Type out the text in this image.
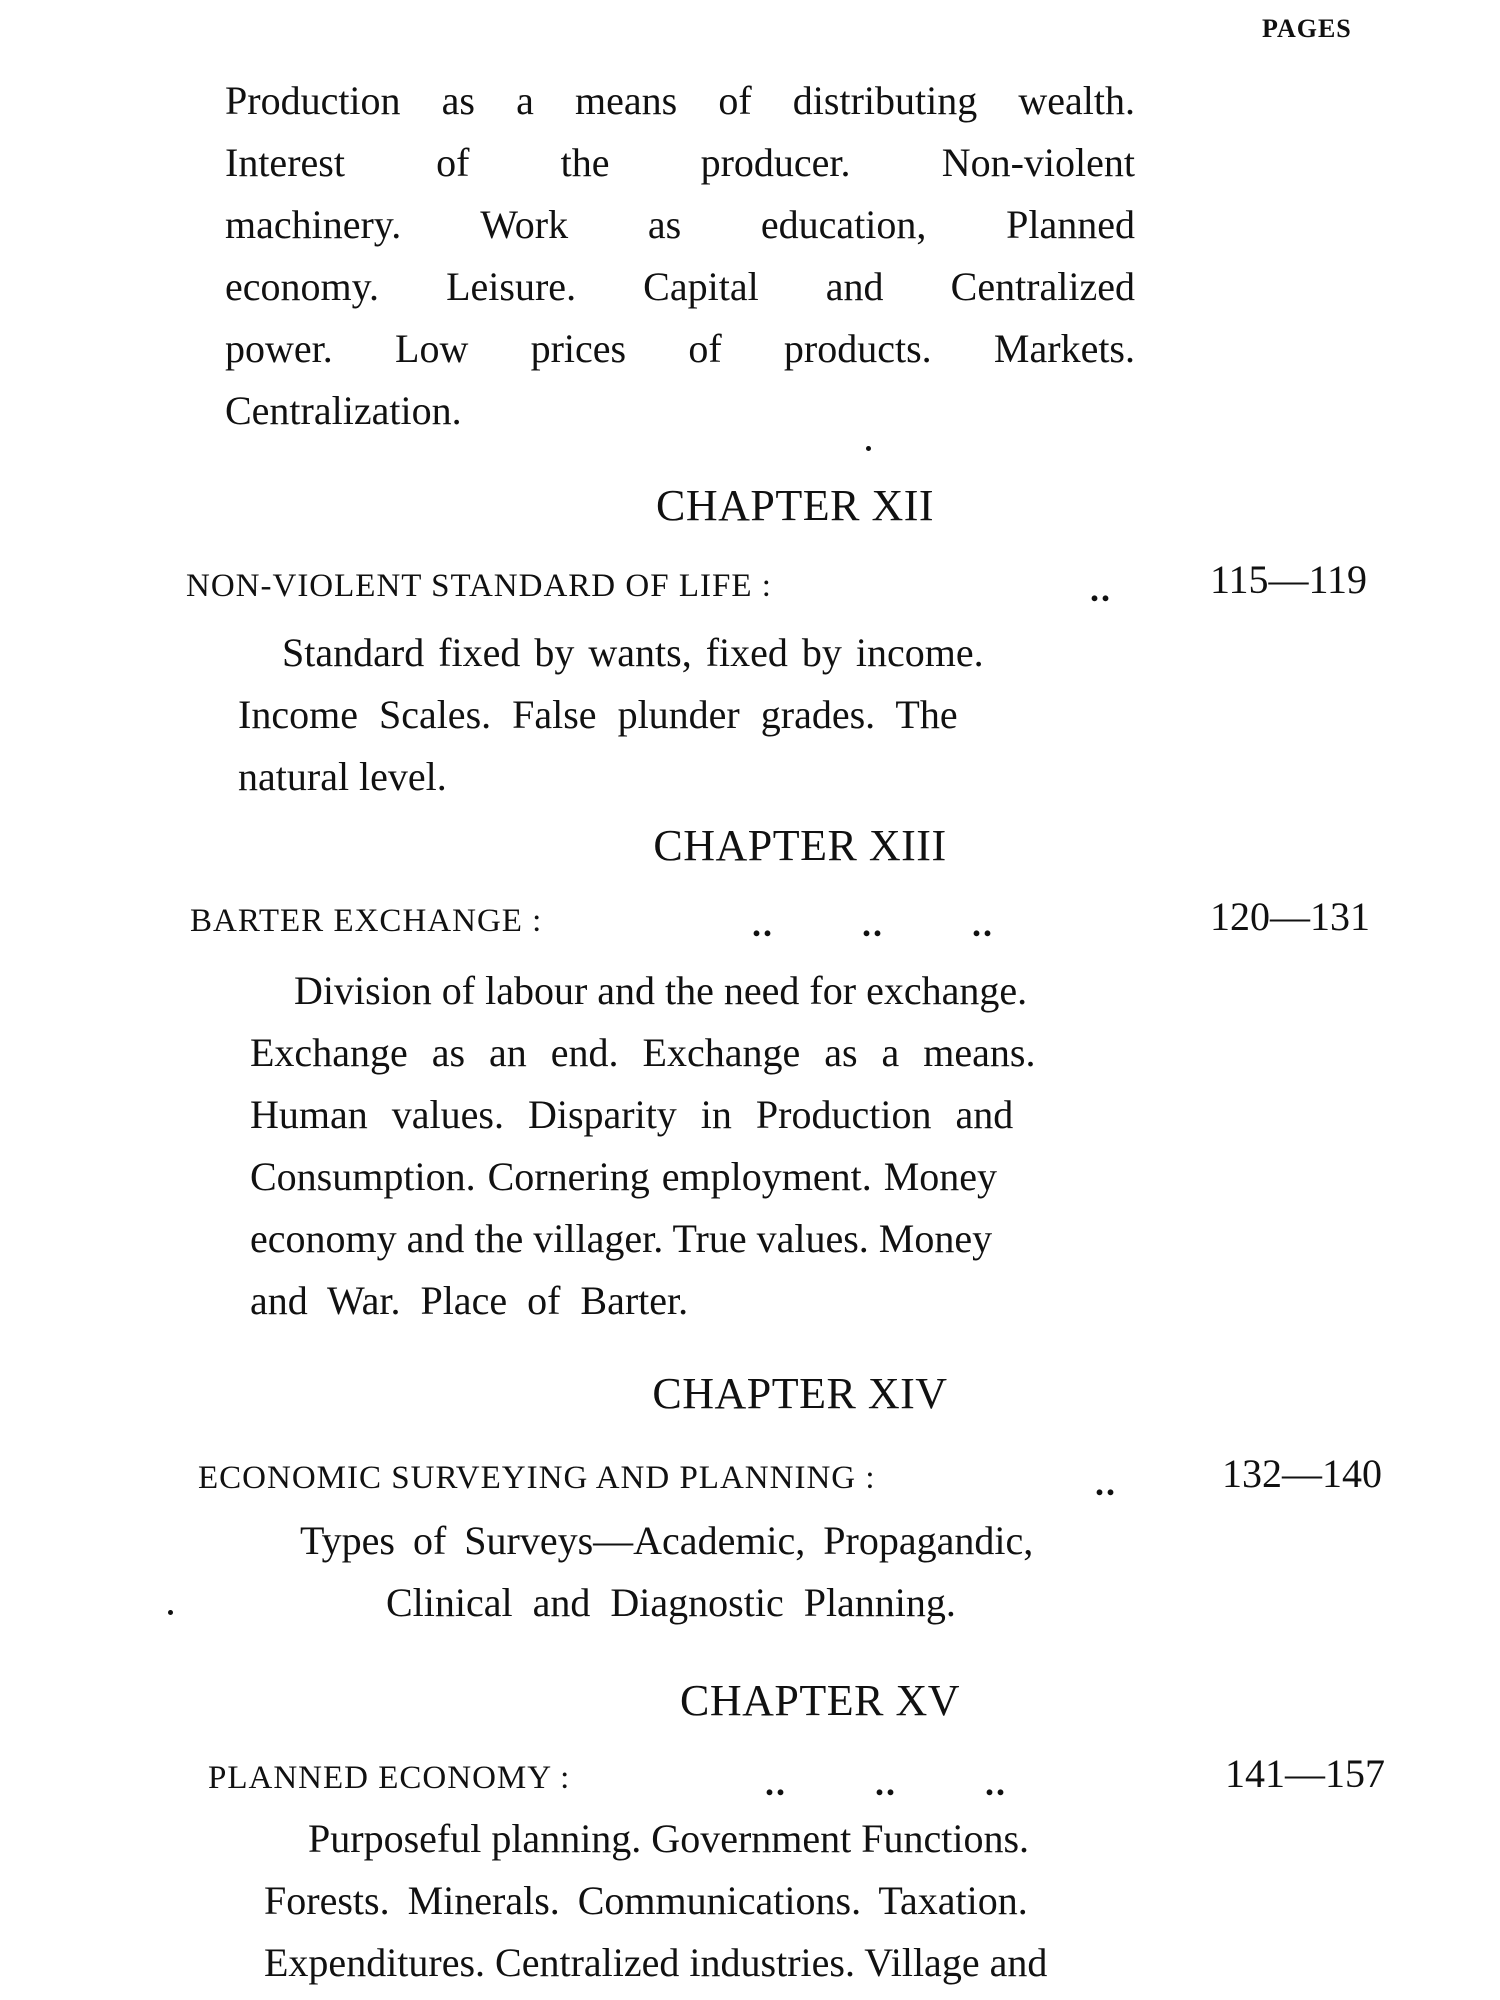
PAGES
Production as a means of distributing wealth.
Interest of the producer. Non-violent
machinery. Work as education, Planned
economy. Leisure. Capital and Centralized
power. Low prices of products. Markets.
Centralization.
CHAPTER XII
NON-VIOLENT STANDARD OF LIFE :	.. 115—119
Standard fixed by wants, fixed by income.
Income Scales. False plunder grades. The
natural level.
CHAPTER XIII
BARTER EXCHANGE :	..        ..        ..	120—131
Division of labour and the need for exchange.
Exchange as an end. Exchange as a means.
Human values. Disparity in Production and
Consumption. Cornering employment. Money
economy and the villager. True values. Money
and War. Place of Barter.
CHAPTER XIV
ECONOMIC SURVEYING AND PLANNING :	..	132—140
Types of Surveys—Academic, Propagandic,
Clinical and Diagnostic Planning.
CHAPTER XV
PLANNED ECONOMY :	..        ..        ..	141—157
Purposeful planning. Government Functions.
Forests. Minerals. Communications. Taxation.
Expenditures. Centralized industries. Village and
